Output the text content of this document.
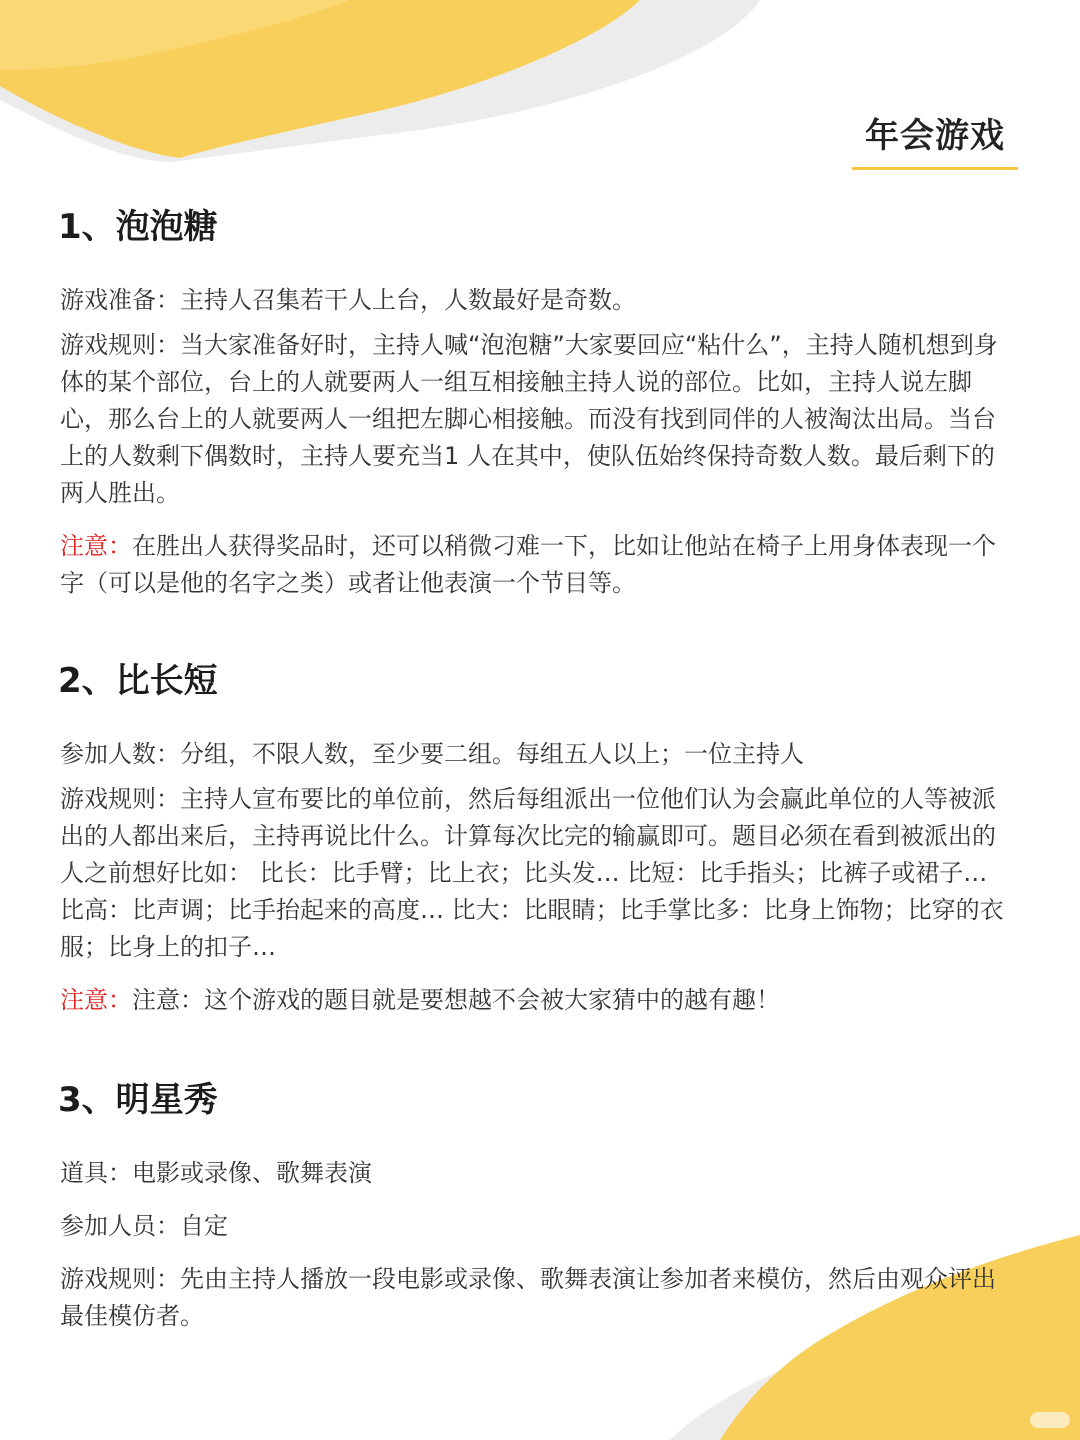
年会游戏
1、泡泡糖

游戏准备：主持人召集若干人上台，人数最好是奇数。

游戏规则：当大家准备好时，主持人喊“泡泡糖”大家要回应“粘什么”，主持人随机想到身体的某个部位，台上的人就要两人一组互相接触主持人说的部位。比如，主持人说左脚心，那么台上的人就要两人一组把左脚心相接触。而没有找到同伴的人被淘汰出局。当台上的人数剩下偶数时，主持人要充当1 人在其中，使队伍始终保持奇数人数。最后剩下的两人胜出。

注意：在胜出人获得奖品时，还可以稍微刁难一下，比如让他站在椅子上用身体表现一个字（可以是他的名字之类）或者让他表演一个节目等。

2、比长短

参加人数：分组，不限人数，至少要二组。每组五人以上；一位主持人

游戏规则：主持人宣布要比的单位前，然后每组派出一位他们认为会赢此单位的人等被派出的人都出来后，主持再说比什么。计算每次比完的输赢即可。题目必须在看到被派出的人之前想好比如： 比长：比手臂；比上衣；比头发… 比短：比手指头；比裤子或裙子… 比高：比声调；比手抬起来的高度… 比大：比眼睛；比手掌比多：比身上饰物；比穿的衣服；比身上的扣子…

注意：注意：这个游戏的题目就是要想越不会被大家猜中的越有趣！

3、明星秀

道具：电影或录像、歌舞表演

参加人员：自定

游戏规则：先由主持人播放一段电影或录像、歌舞表演让参加者来模仿，然后由观众评出最佳模仿者。
